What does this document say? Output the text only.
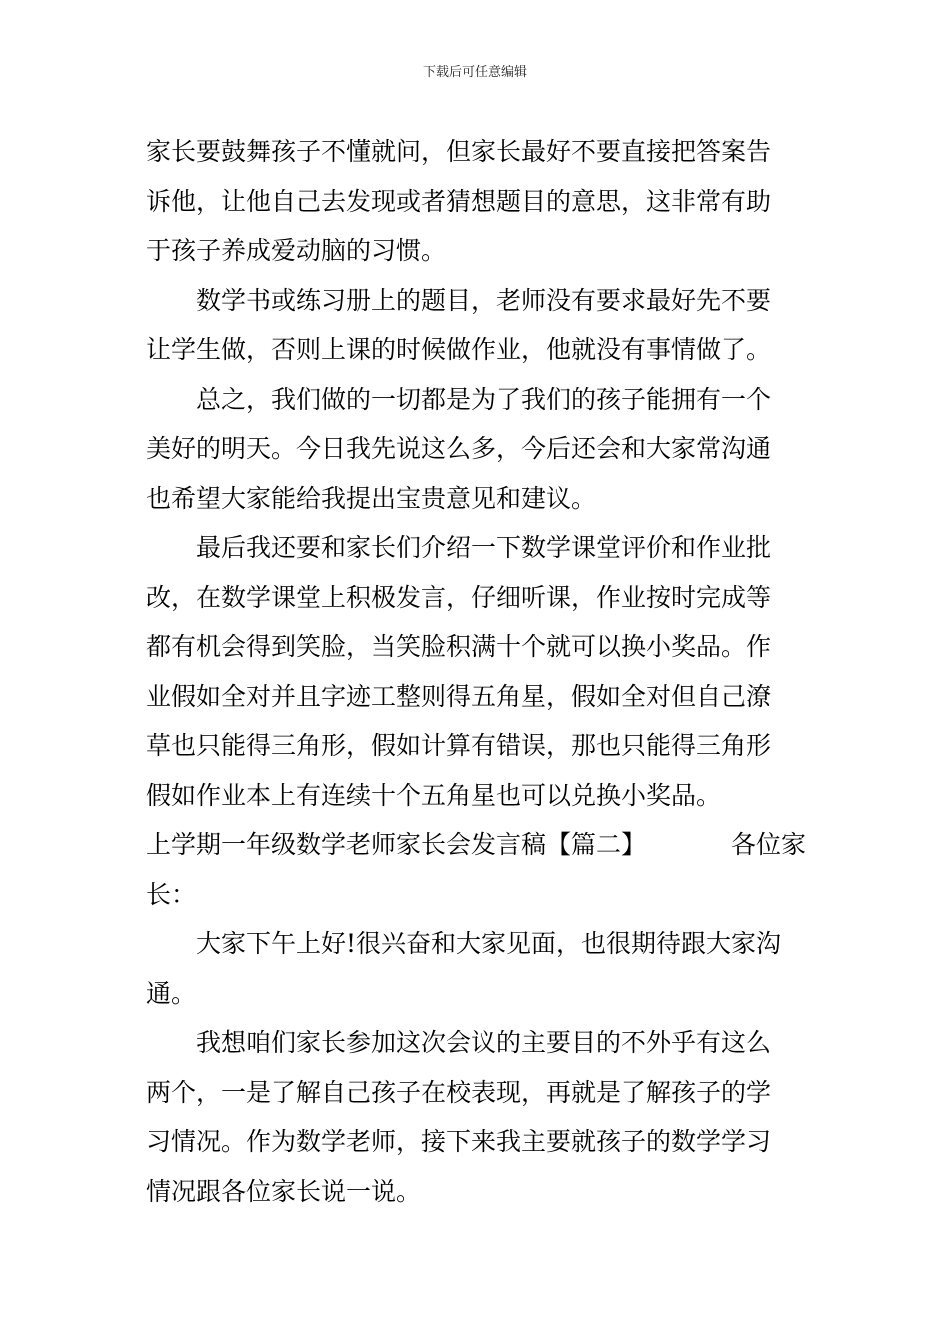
下载后可任意编辑
家长要鼓舞孩子不懂就问，但家长最好不要直接把答案告
诉他，让他自己去发现或者猜想题目的意思，这非常有助
于孩子养成爱动脑的习惯。
数学书或练习册上的题目，老师没有要求最好先不要
让学生做，否则上课的时候做作业，他就没有事情做了。
总之，我们做的一切都是为了我们的孩子能拥有一个
美好的明天。今日我先说这么多，今后还会和大家常沟通
也希望大家能给我提出宝贵意见和建议。
最后我还要和家长们介绍一下数学课堂评价和作业批
改，在数学课堂上积极发言，仔细听课，作业按时完成等
都有机会得到笑脸，当笑脸积满十个就可以换小奖品。作
业假如全对并且字迹工整则得五角星，假如全对但自己潦
草也只能得三角形，假如计算有错误，那也只能得三角形
假如作业本上有连续十个五角星也可以兑换小奖品。
上学期一年级数学老师家长会发言稿【篇二】	各位家
长：
大家下午上好!很兴奋和大家见面，也很期待跟大家沟
通。
我想咱们家长参加这次会议的主要目的不外乎有这么
两个，一是了解自己孩子在校表现，再就是了解孩子的学
习情况。作为数学老师，接下来我主要就孩子的数学学习
情况跟各位家长说一说。
